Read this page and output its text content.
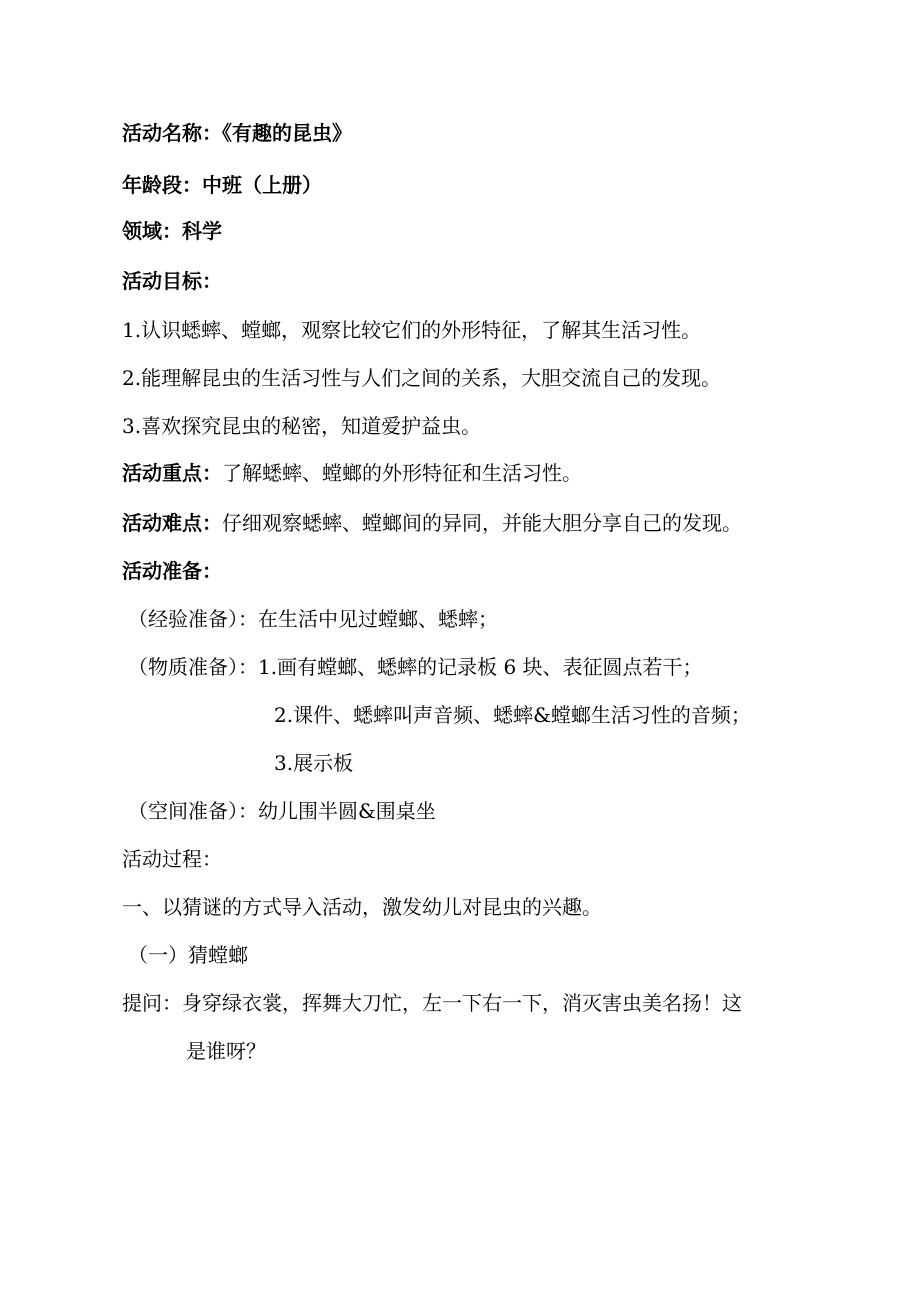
活动名称：《有趣的昆虫》
年龄段：中班（上册）
领域：科学
活动目标：
1.认识蟋蟀、螳螂，观察比较它们的外形特征，了解其生活习性。
2.能理解昆虫的生活习性与人们之间的关系，大胆交流自己的发现。
3.喜欢探究昆虫的秘密，知道爱护益虫。
活动重点：了解蟋蟀、螳螂的外形特征和生活习性。
活动难点：仔细观察蟋蟀、螳螂间的异同，并能大胆分享自己的发现。
活动准备：
（经验准备）：在生活中见过螳螂、蟋蟀；
（物质准备）：1.画有螳螂、蟋蟀的记录板 6 块、表征圆点若干；
2.课件、蟋蟀叫声音频、蟋蟀&螳螂生活习性的音频；
3.展示板
（空间准备）：幼儿围半圆&围桌坐
活动过程：
一、以猜谜的方式导入活动，激发幼儿对昆虫的兴趣。
（一）猜螳螂
提问：身穿绿衣裳，挥舞大刀忙，左一下右一下，消灭害虫美名扬！这
是谁呀？
